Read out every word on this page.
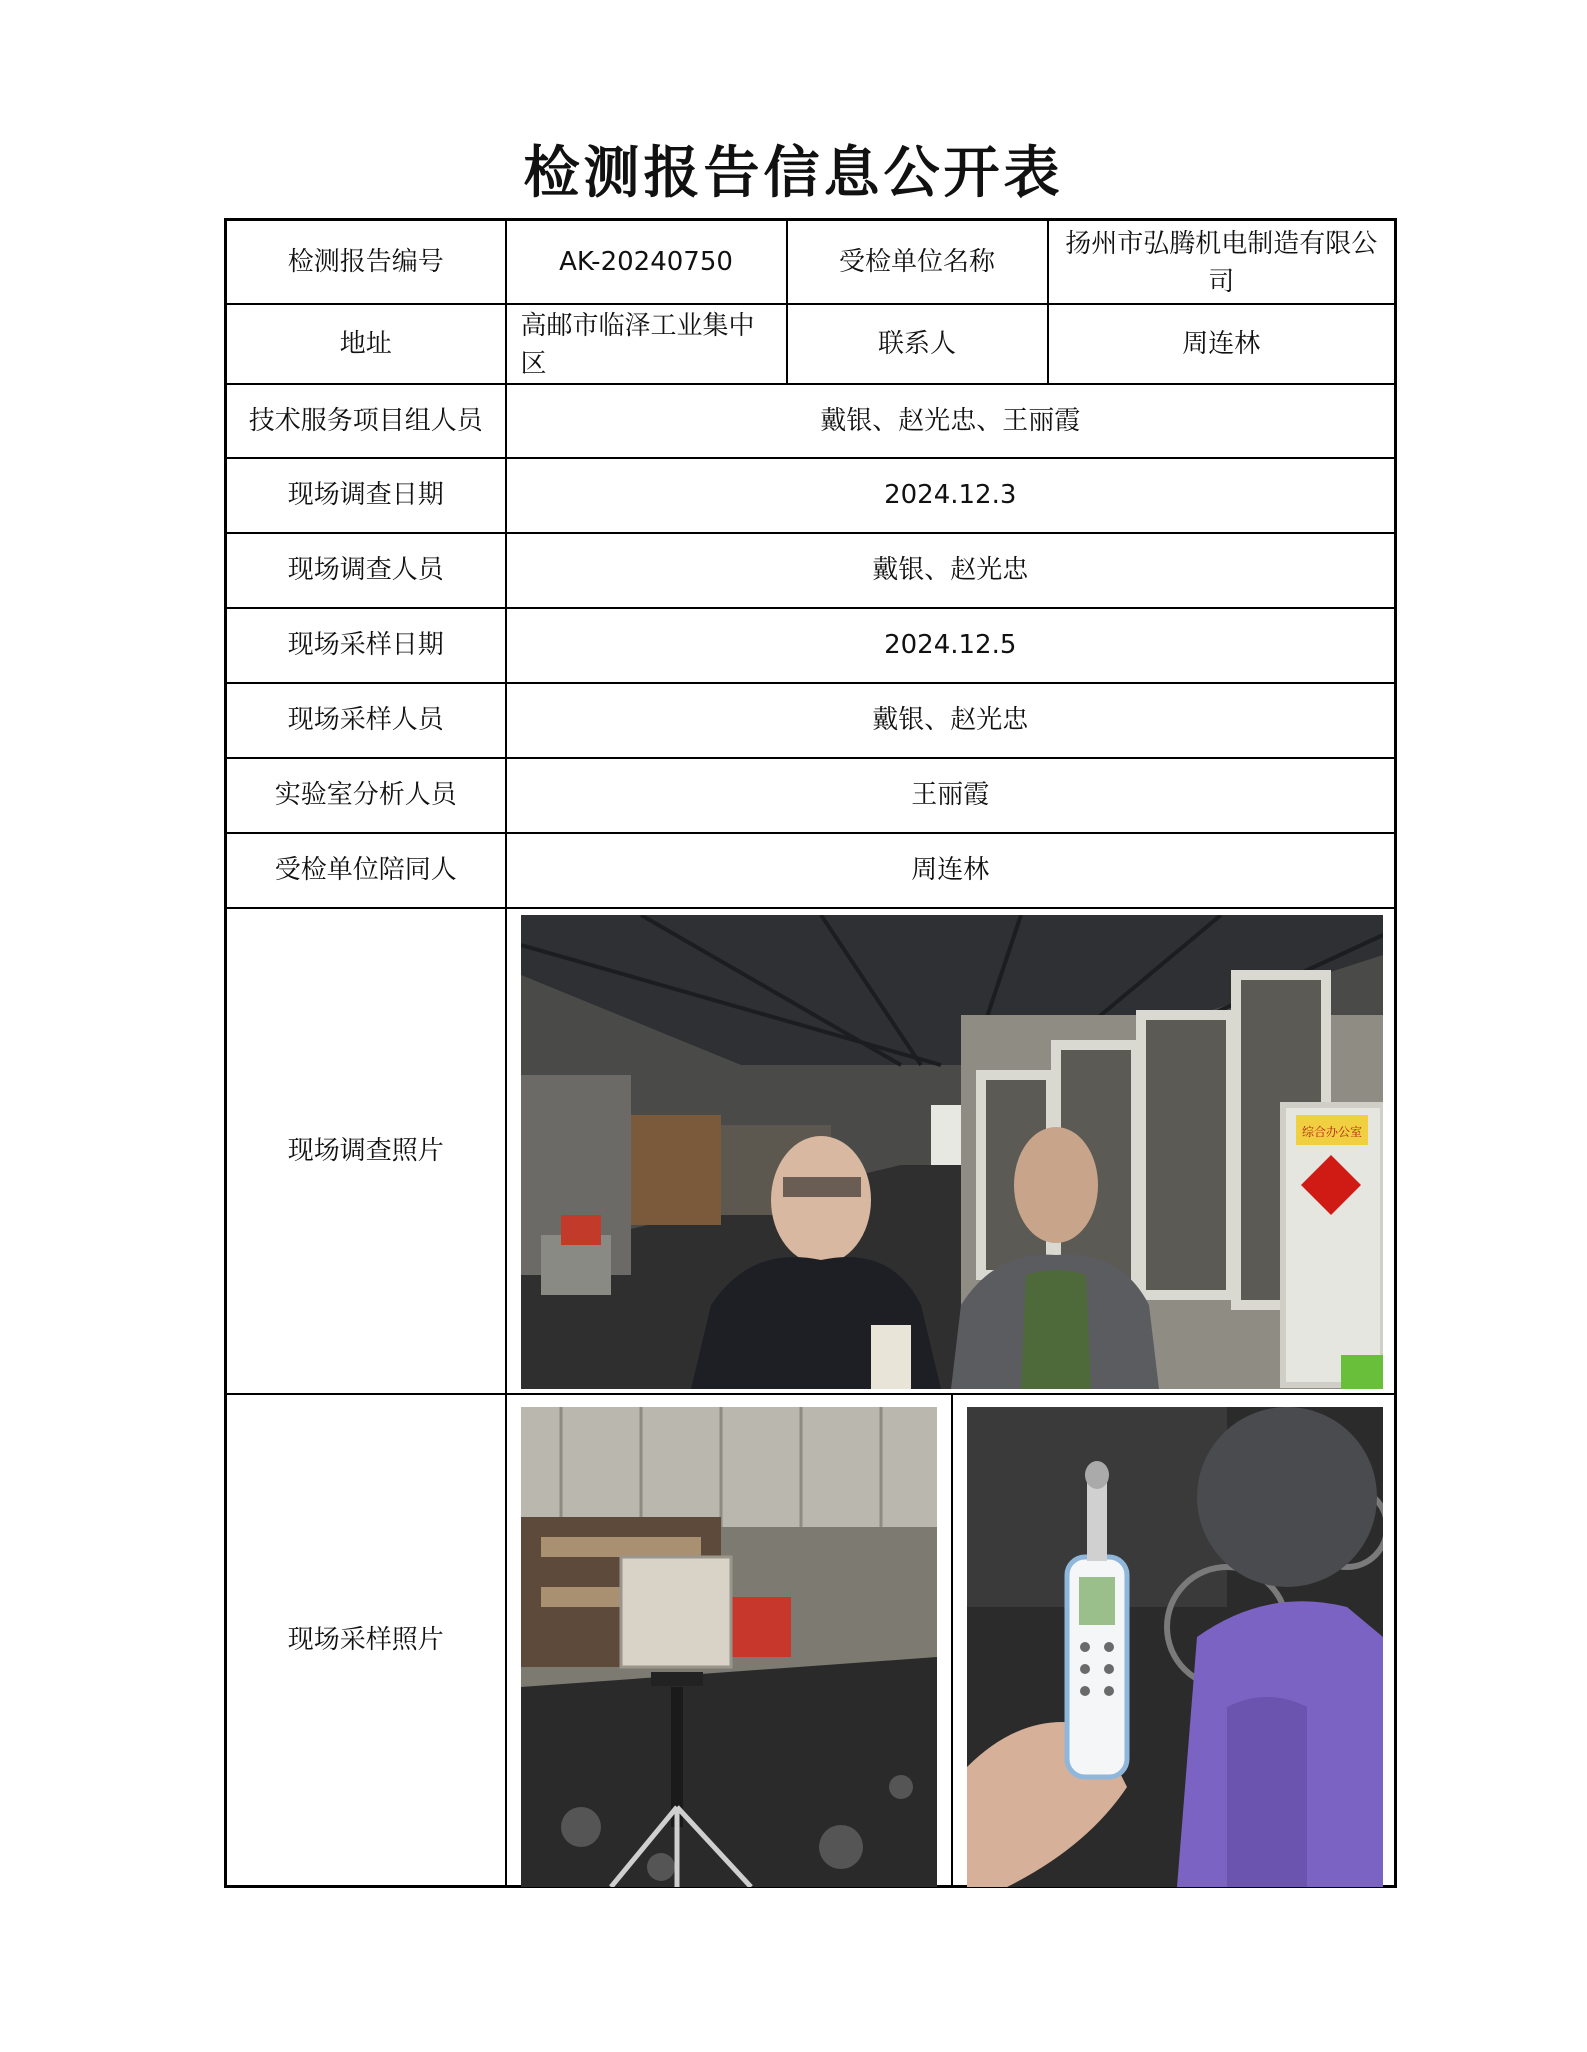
检测报告信息公开表
检测报告编号	AK-20240750	受检单位名称	扬州市弘腾机电制造有限公司
地址	高邮市临泽工业集中区	联系人	周连林
技术服务项目组人员	戴银、赵光忠、王丽霞		
现场调查日期	2024.12.3		
现场调查人员	戴银、赵光忠		
现场采样日期	2024.12.5		
现场采样人员	戴银、赵光忠		
实验室分析人员	王丽霞		
受检单位陪同人	周连林		
现场调查照片	综合办公室		

现场采样照片	
